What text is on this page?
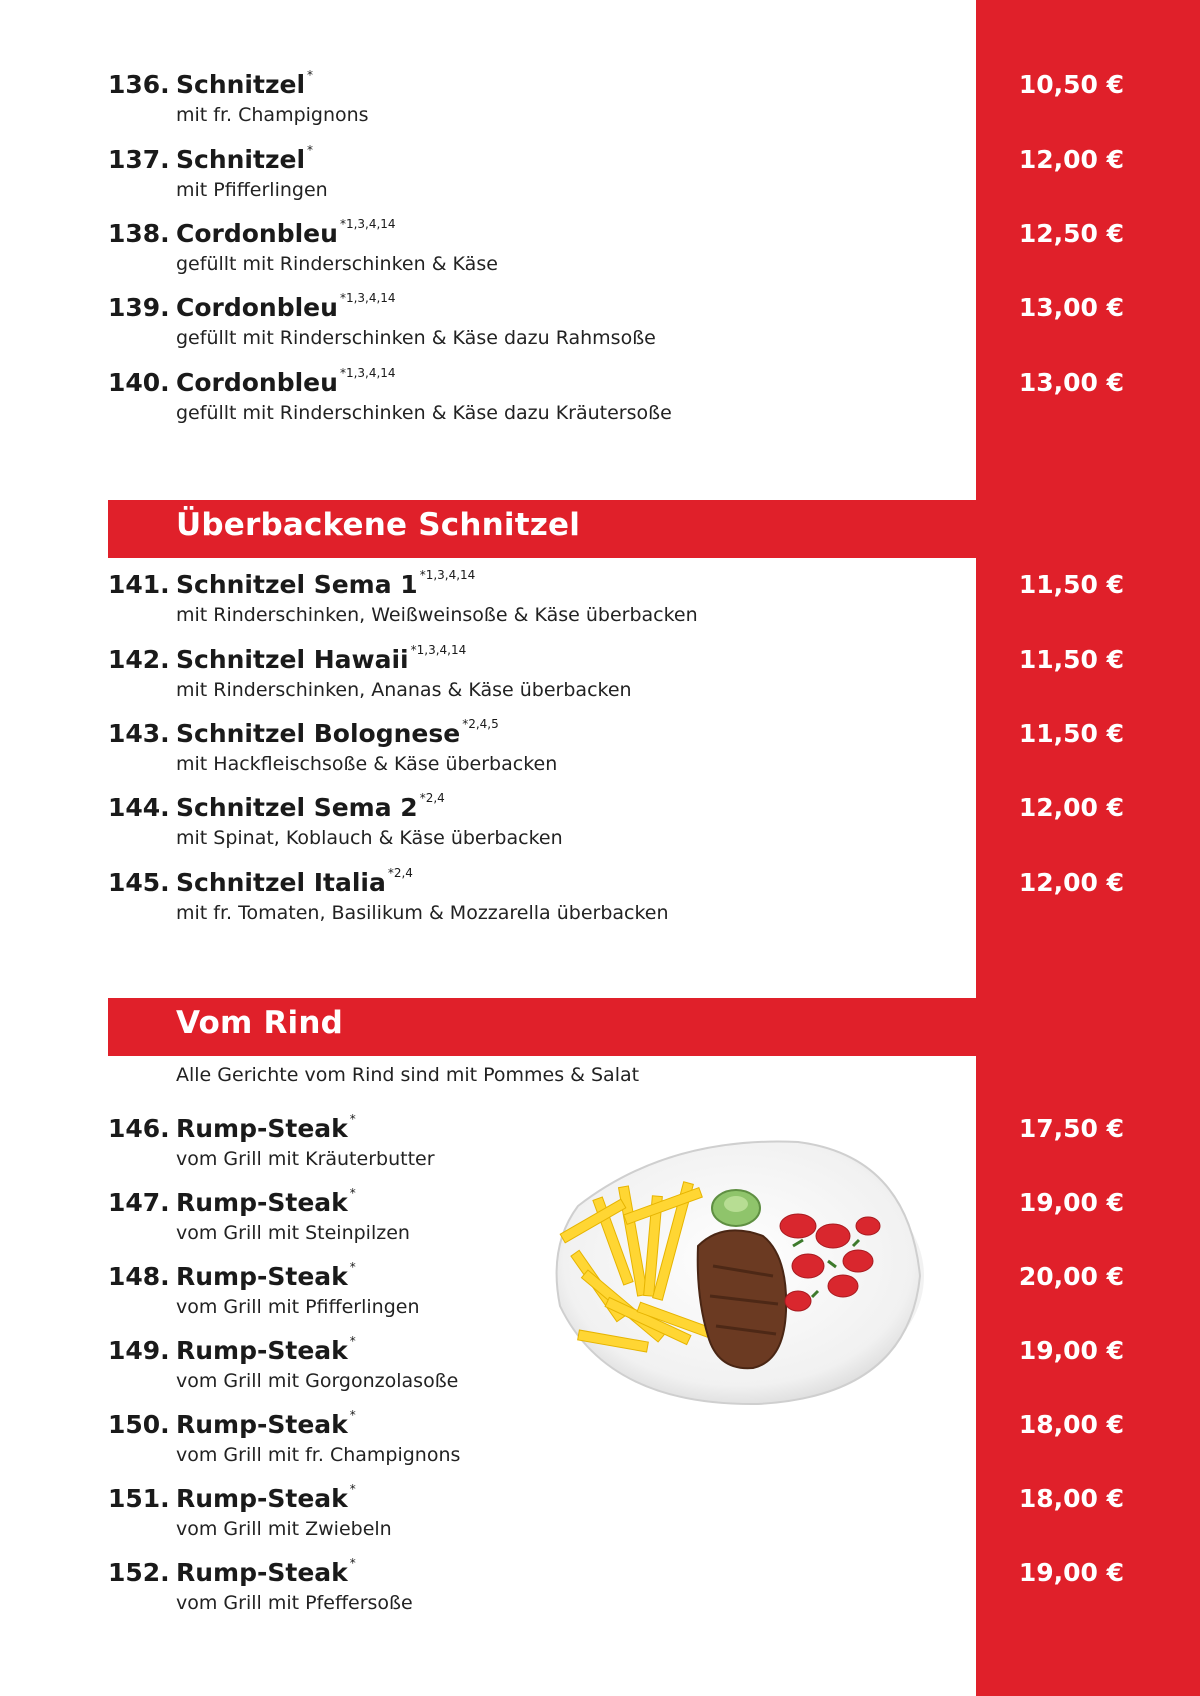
136. Schnitzel *
mit fr. Champignons
10,50 €
137. Schnitzel *
mit Pfifferlingen
12,00 €
138. Cordonbleu $^{*1,3,4,14}$
gefüllt mit Rinderschinken & Käse
12,50 €
139. Cordonbleu $^{*1,3,4,14}$
gefüllt mit Rinderschinken & Käse dazu Rahmsoße
13,00 €
140. Cordonbleu $^{*1,3,4,14}$
gefüllt mit Rinderschinken & Käse dazu Kräutersoße
13,00 €
Überbackene Schnitzel
141. Schnitzel Sema 1 $^{*1,3,4,14}$
mit Rinderschinken, Weißweinsoße & Käse überbacken
11,50 €
142. Schnitzel Hawaii $^{*1,3,4,14}$
mit Rinderschinken, Ananas & Käse überbacken
11,50 €
143. Schnitzel Bolognese $^{*2,4,5}$
mit Hackfleischsoße & Käse überbacken
11,50 €
144. Schnitzel Sema 2 $^{*2,4}$
mit Spinat, Koblauch & Käse überbacken
12,00 €
145. Schnitzel Italia $^{*2,4}$
mit fr. Tomaten, Basilikum & Mozzarella überbacken
12,00 €
Vom Rind
Alle Gerichte vom Rind sind mit Pommes & Salat
146. Rump-Steak *
vom Grill mit Kräuterbutter
17,50 €
147. Rump-Steak *
vom Grill mit Steinpilzen
19,00 €
148. Rump-Steak *
vom Grill mit Pfifferlingen
20,00 €
149. Rump-Steak *
vom Grill mit Gorgonzolasoße
19,00 €
150. Rump-Steak *
vom Grill mit fr. Champignons
18,00 €
151. Rump-Steak *
vom Grill mit Zwiebeln
18,00 €
152. Rump-Steak *
vom Grill mit Pfeffersoße
19,00 €
